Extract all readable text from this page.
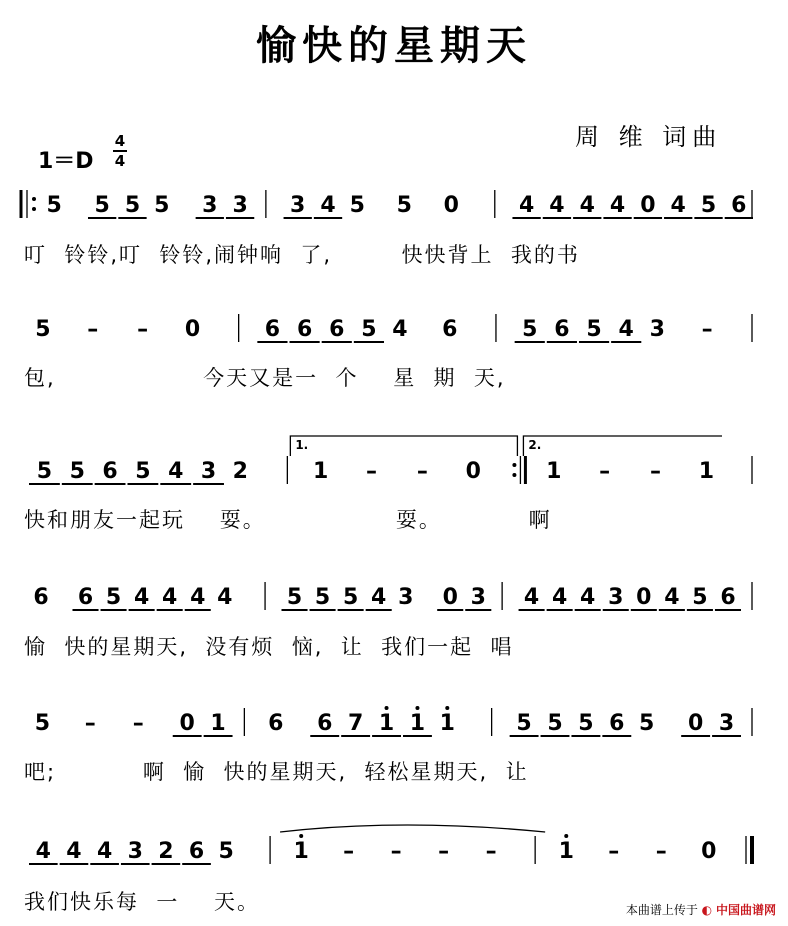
愉快的星期天
周 维 词曲
1＝D
4
4
5 5 5 5 3 3 3 4 5 5 0	4 4 4 4 0 4 5 6
叮  铃铃,叮  铃铃,闹钟响  了,        快快背上  我的书
5 – – 0	6 6 6 5 4 6	5 6 5 4 3 –
包,                 今天又是一  个    星  期  天,
5 5 6 5 4 3 2	1 – – 0	1 – – 1
1.	2.
快和朋友一起玩    耍。               耍。          啊
6 6 5 4 4 4 4 5 5 5 4 3 0 3 4 4 4 3 0 4 5 6
愉  快的星期天,  没有烦  恼,  让  我们一起  唱
5 – – 0 1 6 6 7 1 1 1	5 5 5 6 5 0 3
吧;          啊  愉  快的星期天,  轻松星期天,  让
4 4 4 3 2 6 5	1 – – – –	1 – – 0
我们快乐每  一    天。	本曲谱上传于 ◐ 中国曲谱网
